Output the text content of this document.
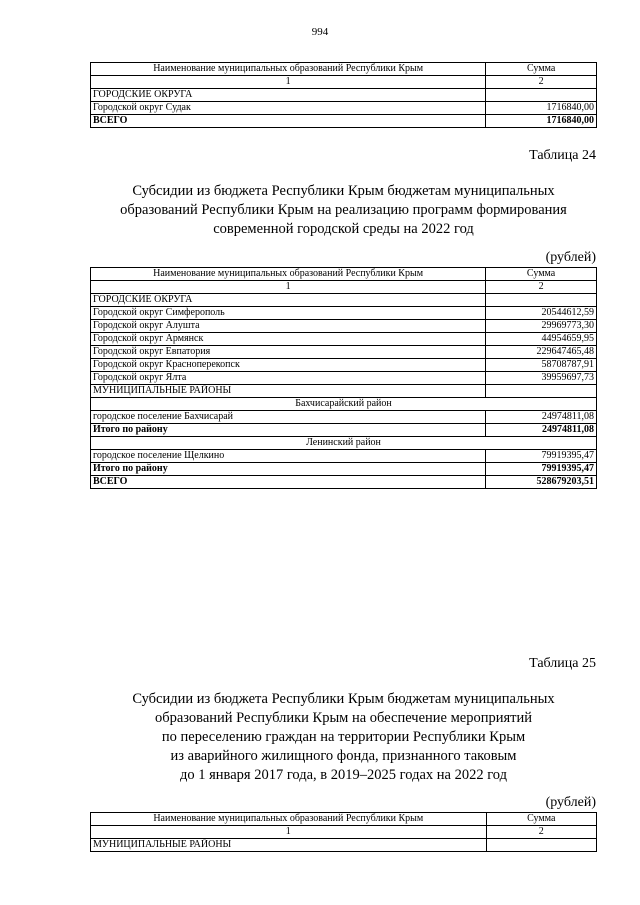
994
Наименование муниципальных образований Республики Крым	Сумма
1	2
ГОРОДСКИЕ ОКРУГА	
Городской округ Судак	1716840,00
ВСЕГО	1716840,00
Таблица 24
Субсидии из бюджета Республики Крым бюджетам муниципальных образований Республики Крым на реализацию программ формирования современной городской среды на 2022 год
(рублей)
Наименование муниципальных образований Республики Крым	Сумма
1	2
ГОРОДСКИЕ ОКРУГА	
Городской округ Симферополь	20544612,59
Городской округ Алушта	29969773,30
Городской округ Армянск	44954659,95
Городской округ Евпатория	229647465,48
Городской округ Красноперекопск	58708787,91
Городской округ Ялта	39959697,73
МУНИЦИПАЛЬНЫЕ РАЙОНЫ	
Бахчисарайский район	
городское поселение Бахчисарай	24974811,08
Итого по району	24974811,08
Ленинский район	
городское поселение Щелкино	79919395,47
Итого по району	79919395,47
ВСЕГО	528679203,51
Таблица 25
Субсидии из бюджета Республики Крым бюджетам муниципальных
образований Республики Крым на обеспечение мероприятий
по переселению граждан на территории Республики Крым
из аварийного жилищного фонда, признанного таковым
до 1 января 2017 года, в 2019–2025 годах на 2022 год
(рублей)
Наименование муниципальных образований Республики Крым	Сумма
1	2
МУНИЦИПАЛЬНЫЕ РАЙОНЫ	
